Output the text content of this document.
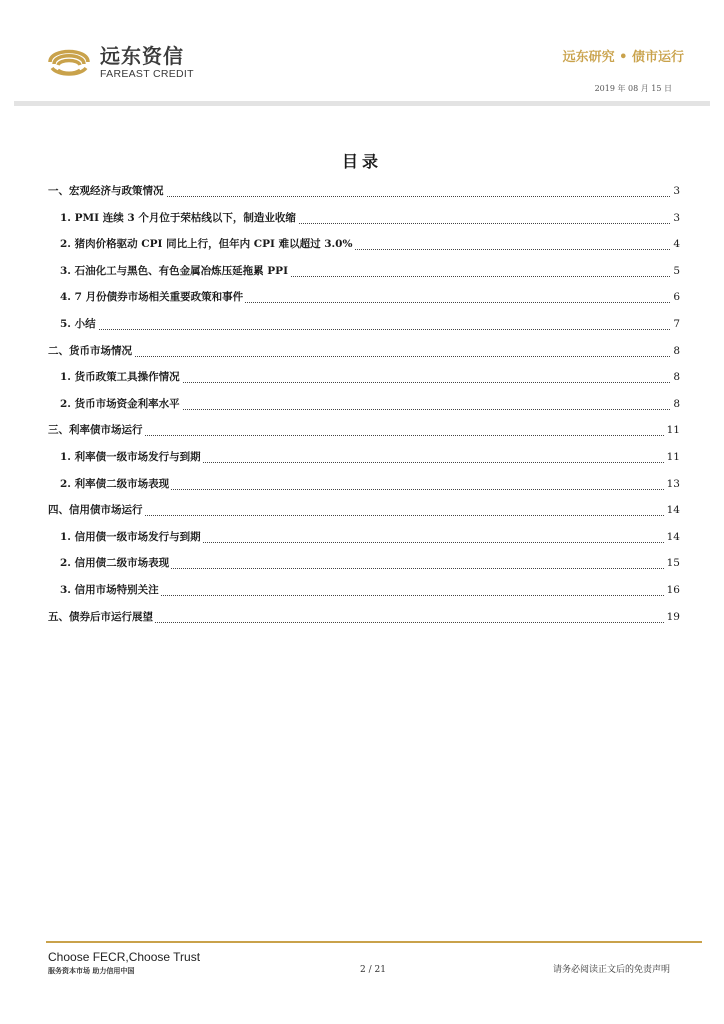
远东资信
FAREAST CREDIT
远东研究 • 债市运行
2019 年 08 月 15 日
目录
一、宏观经济与政策情况	3
1. PMI 连续 3 个月位于荣枯线以下，制造业收缩	3
2. 猪肉价格驱动 CPI 同比上行，但年内 CPI 难以超过 3.0%	4
3. 石油化工与黑色、有色金属冶炼压延拖累 PPI	5
4. 7 月份债券市场相关重要政策和事件	6
5. 小结	7
二、货币市场情况	8
1. 货币政策工具操作情况	8
2. 货币市场资金利率水平	8
三、利率债市场运行	11
1. 利率债一级市场发行与到期	11
2. 利率债二级市场表现	13
四、信用债市场运行	14
1. 信用债一级市场发行与到期	14
2. 信用债二级市场表现	15
3. 信用市场特别关注	16
五、债券后市运行展望	19
Choose FECR,Choose Trust
服务资本市场 助力信用中国	2 / 21	请务必阅读正文后的免责声明
